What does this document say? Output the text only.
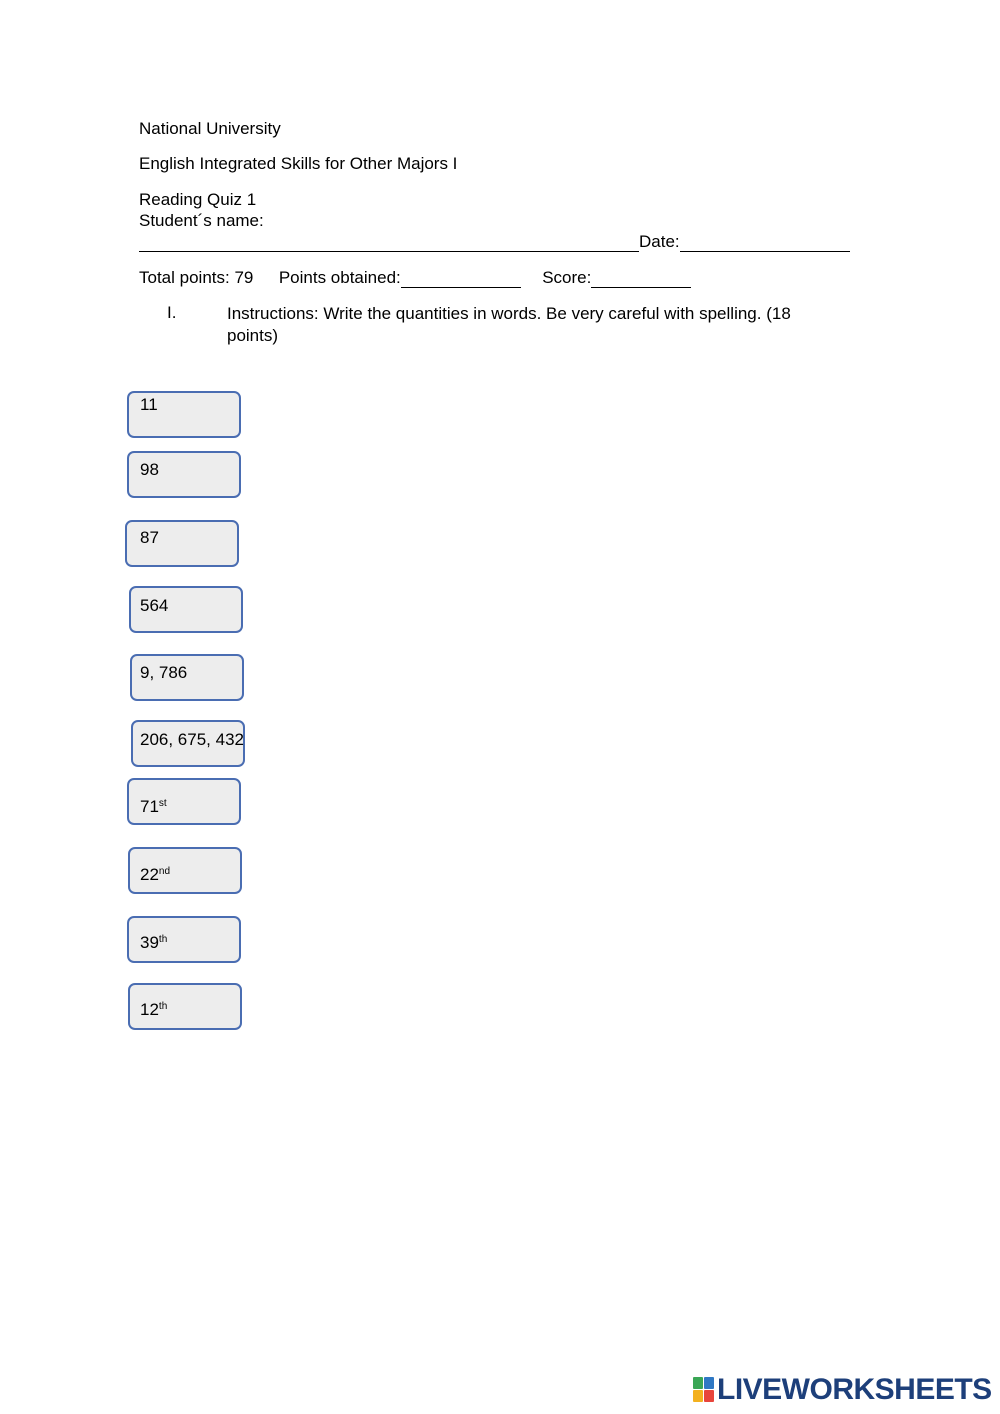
National University
English Integrated Skills for Other Majors I
Reading Quiz 1
Student´s name:
Date:
Total points: 79 Points obtained:	Score:
I.	Instructions: Write the quantities in words. Be very careful with spelling. (18 points)
11
98
87
564
9, 786
206, 675, 432
71st
22nd
39th
12th
LIVEWORKSHEETS
